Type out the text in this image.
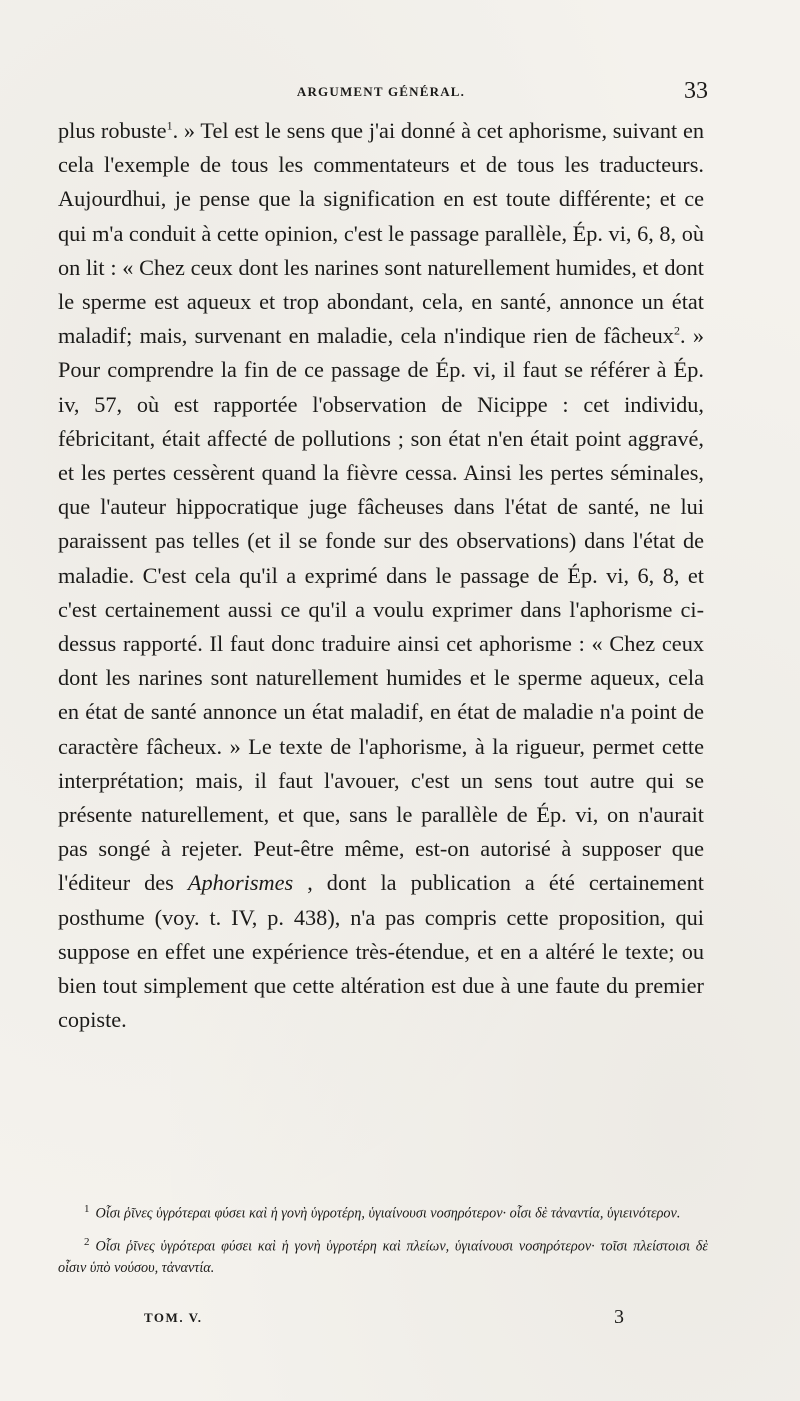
ARGUMENT GÉNÉRAL.	33

plus robuste$^1$. » Tel est le sens que j'ai donné à cet aphorisme, suivant en cela l'exemple de tous les commentateurs et de tous les traducteurs. Aujourdhui, je pense que la signification en est toute différente; et ce qui m'a conduit à cette opinion, c'est le passage parallèle, Ép. vi, 6, 8, où on lit : « Chez ceux dont les narines sont naturellement humides, et dont le sperme est aqueux et trop abondant, cela, en santé, annonce un état maladif; mais, survenant en maladie, cela n'indique rien de fâcheux$^2$. » Pour comprendre la fin de ce passage de Ép. vi, il faut se référer à Ép. iv, 57, où est rapportée l'observation de Nicippe : cet individu, fébricitant, était affecté de pollutions ; son état n'en était point aggravé, et les pertes cessèrent quand la fièvre cessa. Ainsi les pertes séminales, que l'auteur hippocratique juge fâcheuses dans l'état de santé, ne lui paraissent pas telles (et il se fonde sur des observations) dans l'état de maladie. C'est cela qu'il a exprimé dans le passage de Ép. vi, 6, 8, et c'est certainement aussi ce qu'il a voulu exprimer dans l'aphorisme ci-dessus rapporté. Il faut donc traduire ainsi cet aphorisme : « Chez ceux dont les narines sont naturellement humides et le sperme aqueux, cela en état de santé annonce un état maladif, en état de maladie n'a point de caractère fâcheux. » Le texte de l'aphorisme, à la rigueur, permet cette interprétation; mais, il faut l'avouer, c'est un sens tout autre qui se présente naturellement, et que, sans le parallèle de Ép. vi, on n'aurait pas songé à rejeter. Peut-être même, est-on autorisé à supposer que l'éditeur des Aphorismes , dont la publication a été certainement posthume (voy. t. IV, p. 438), n'a pas compris cette proposition, qui suppose en effet une expérience très-étendue, et en a altéré le texte; ou bien tout simplement que cette altération est due à une faute du premier copiste.

$^1$ Οἷσι ῥῖνες ὑγρότεραι φύσει καὶ ἡ γονὴ ὑγροτέρη, ὑγιαίνουσι νοσηρότερον· οἷσι δὲ τἀναντία, ὑγιεινότερον.

$^2$ Οἷσι ῥῖνες ὑγρότεραι φύσει καὶ ἡ γονὴ ὑγροτέρη καὶ πλείων, ὑγιαίνουσι νοσηρότερον· τοῖσι πλείστοισι δὲ οἷσιν ὑπὸ νούσου, τἀναντία.

TOM. V.	3
